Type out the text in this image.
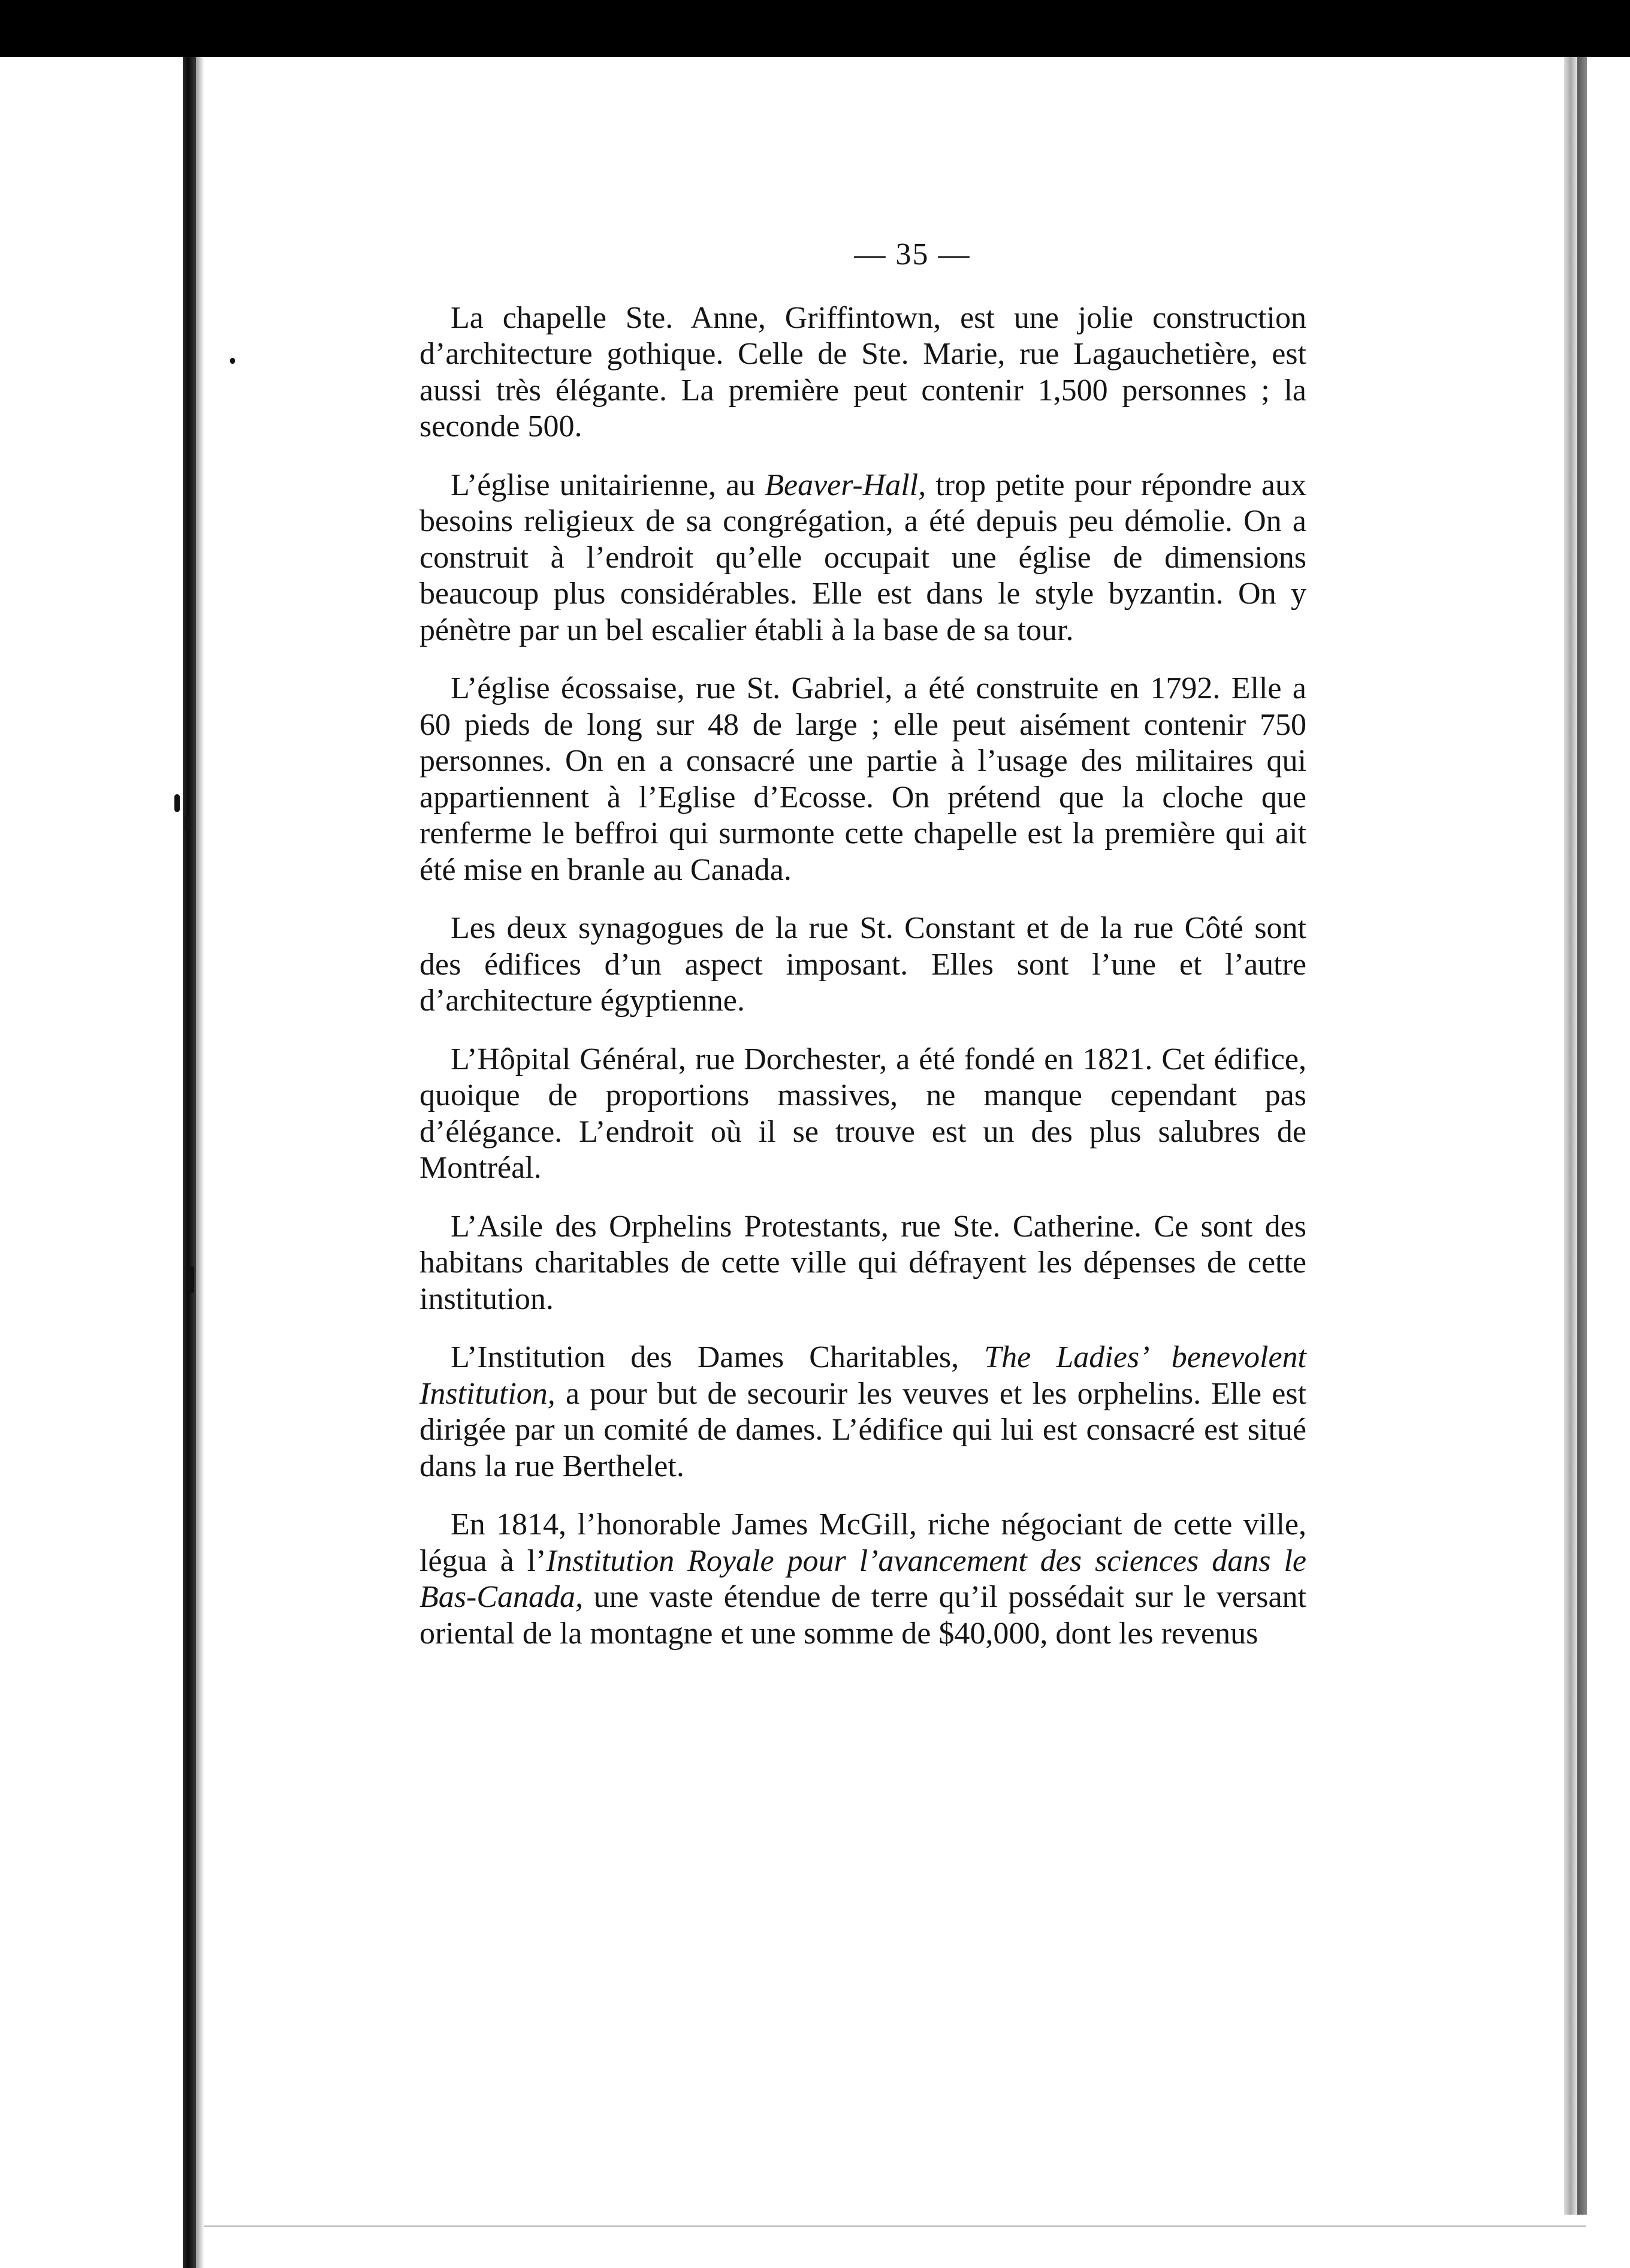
— 35 —

La chapelle Ste. Anne, Griffintown, est une jolie construction d’architecture gothique. Celle de Ste. Marie, rue Lagauchetière, est aussi très élégante. La première peut contenir 1,500 personnes ; la seconde 500.

L’église unitairienne, au Beaver-Hall, trop petite pour répondre aux besoins religieux de sa congrégation, a été depuis peu démolie. On a construit à l’endroit qu’elle occupait une église de dimensions beaucoup plus considérables. Elle est dans le style byzantin. On y pénètre par un bel escalier établi à la base de sa tour.

L’église écossaise, rue St. Gabriel, a été construite en 1792. Elle a 60 pieds de long sur 48 de large ; elle peut aisément contenir 750 personnes. On en a consacré une partie à l’usage des militaires qui appartiennent à l’Eglise d’Ecosse. On prétend que la cloche que renferme le beffroi qui surmonte cette chapelle est la première qui ait été mise en branle au Canada.

Les deux synagogues de la rue St. Constant et de la rue Côté sont des édifices d’un aspect imposant. Elles sont l’une et l’autre d’architecture égyptienne.

L’Hôpital Général, rue Dorchester, a été fondé en 1821. Cet édifice, quoique de proportions massives, ne manque cependant pas d’élégance. L’endroit où il se trouve est un des plus salubres de Montréal.

L’Asile des Orphelins Protestants, rue Ste. Catherine. Ce sont des habitans charitables de cette ville qui défrayent les dépenses de cette institution.

L’Institution des Dames Charitables, The Ladies’ benevolent Institution, a pour but de secourir les veuves et les orphelins. Elle est dirigée par un comité de dames. L’édifice qui lui est consacré est situé dans la rue Berthelet.

En 1814, l’honorable James McGill, riche négociant de cette ville, légua à l’Institution Royale pour l’avancement des sciences dans le Bas-Canada, une vaste étendue de terre qu’il possédait sur le versant oriental de la montagne et une somme de $40,000, dont les revenus
